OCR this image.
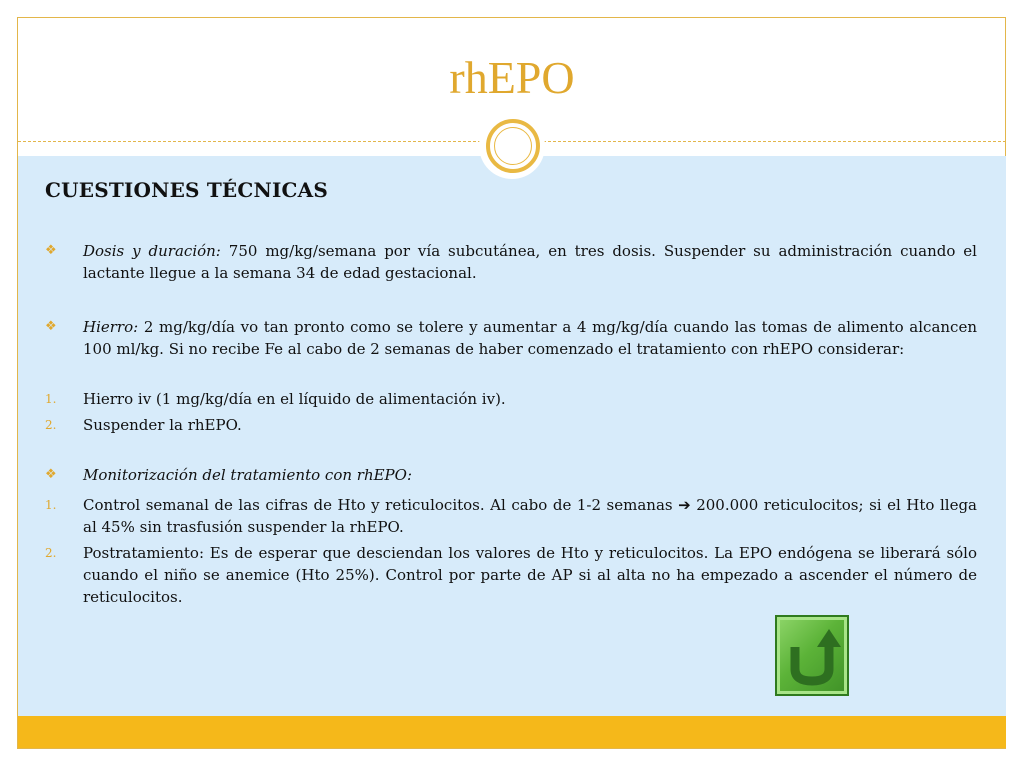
rhEPO
CUESTIONES TÉCNICAS
❖	Dosis y duración: 750 mg/kg/semana por vía subcutánea, en tres dosis. Suspender su administración cuando el lactante llegue a la semana 34 de edad gestacional.
❖	Hierro: 2 mg/kg/día vo tan pronto como se tolere y aumentar a 4 mg/kg/día cuando las tomas de alimento alcancen 100 ml/kg. Si no recibe Fe al cabo de 2 semanas de haber comenzado el tratamiento con rhEPO considerar:
1.	Hierro iv (1 mg/kg/día en el líquido de alimentación iv).
2.	Suspender la rhEPO.
❖	Monitorización del tratamiento con rhEPO:
1.	Control semanal de las cifras de Hto y reticulocitos. Al cabo de 1-2 semanas ➔ 200.000 reticulocitos; si el Hto llega al 45% sin trasfusión suspender la rhEPO.
2.	Postratamiento: Es de esperar que desciendan los valores de Hto y reticulocitos. La EPO endógena se liberará sólo cuando el niño se anemice (Hto 25%). Control por parte de AP si al alta no ha empezado a ascender el número de reticulocitos.
